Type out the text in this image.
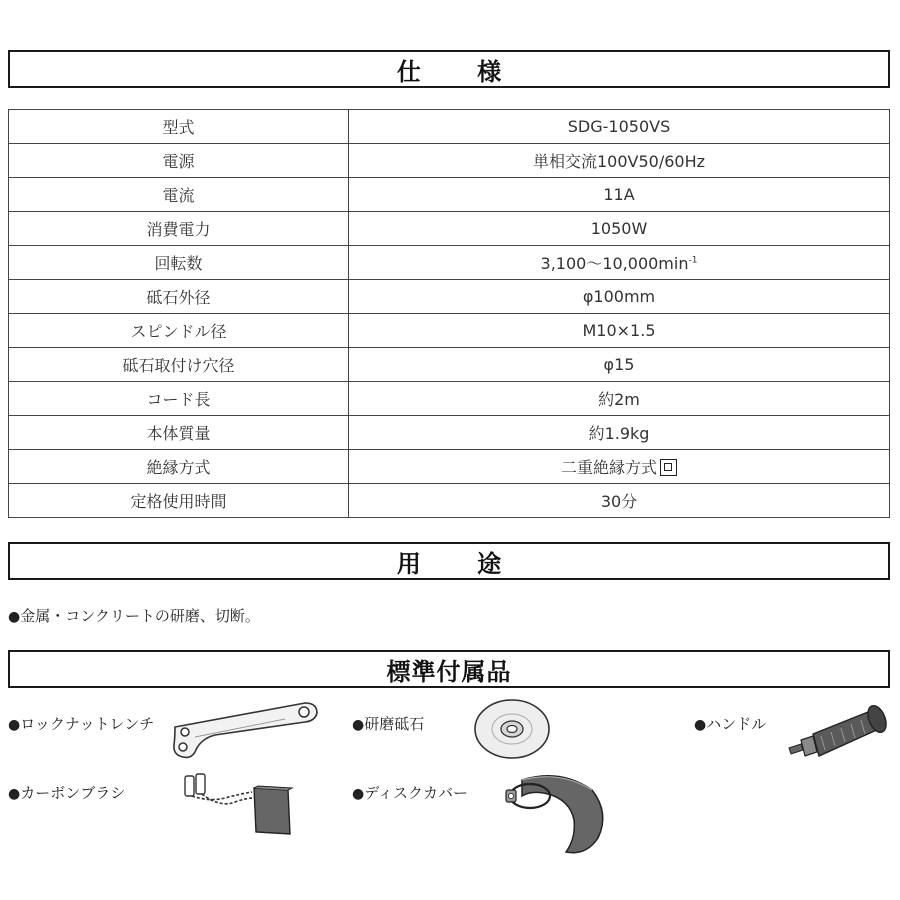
仕 様
型式	SDG-1050VS
電源	単相交流100V50/60Hz
電流	11A
消費電力	1050W
回転数	3,100〜$10,000\min^{-1}$
砥石外径	φ100mm
スピンドル径	M10×1.5
砥石取付け穴径	φ15
コード長	約2m
本体質量	約1.9kg
絶縁方式	二重絶縁方式
定格使用時間	30分
用 途
●金属・コンクリートの研磨、切断。
標準付属品
●ロックナットレンチ	●研磨砥石	●ハンドル
●カーボンブラシ	●ディスクカバー
